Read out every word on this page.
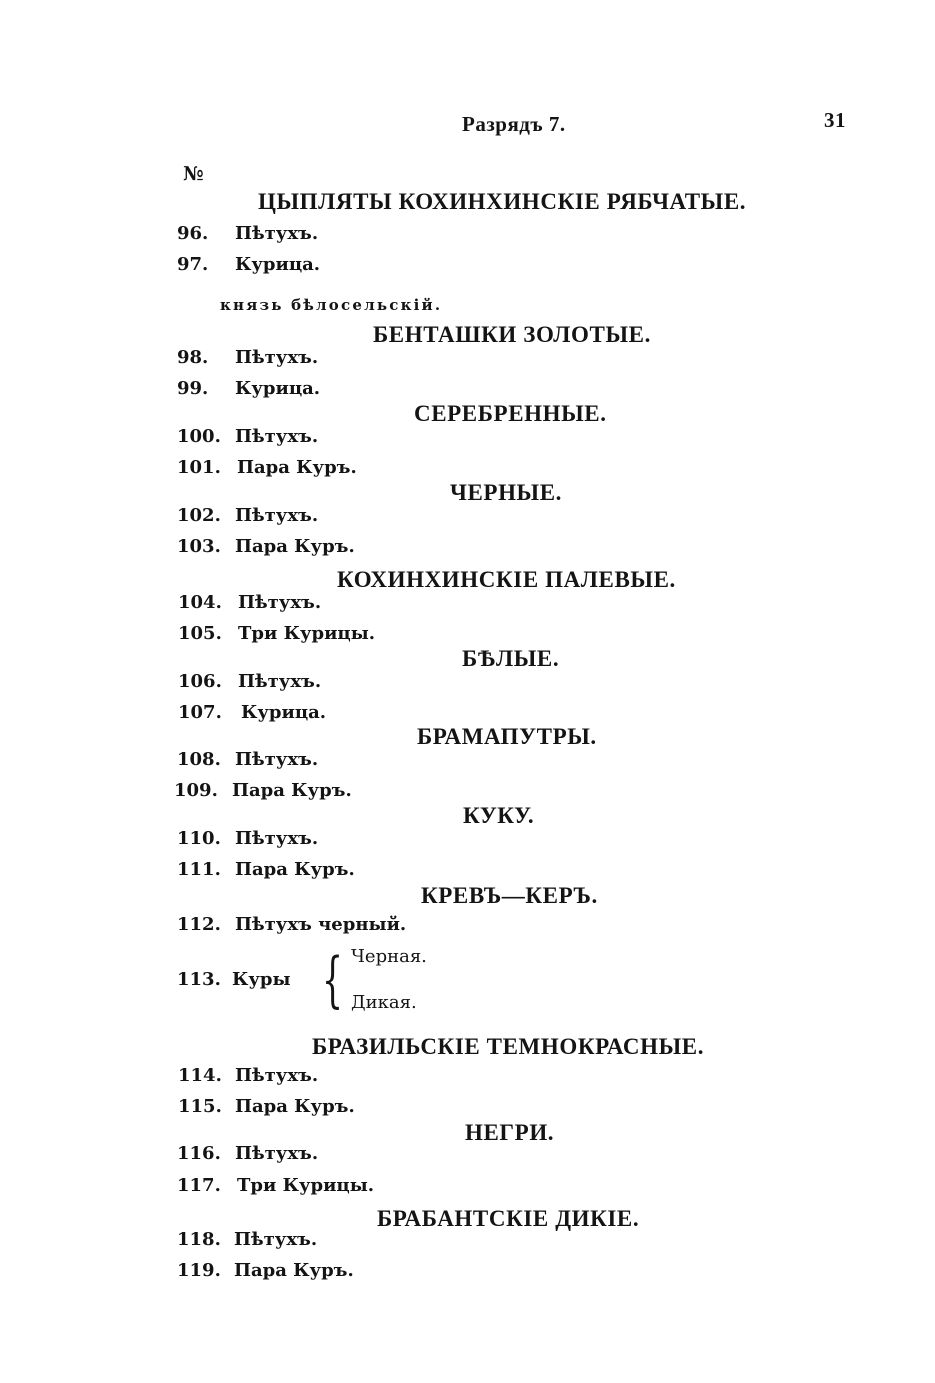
Разрядъ 7.	31
№
ЦЫПЛЯТЫ КОХИНХИНСКІЕ РЯБЧАТЫЕ.
князь бѣлосельскій.
БЕНТАШКИ ЗОЛОТЫЕ.
СЕРЕБРЕННЫЕ.
ЧЕРНЫЕ.
КОХИНХИНСКІЕ ПАЛЕВЫЕ.
БѢЛЫЕ.
БРАМАПУТРЫ.
КУКУ.
КРЕВЪ—КЕРЪ.
БРАЗИЛЬСКІЕ ТЕМНОКРАСНЫЕ.
НЕГРИ.
БРАБАНТСКІЕ ДИКІЕ.
96. Пѣтухъ.
97. Курица.
98. Пѣтухъ.
99. Курица.
100. Пѣтухъ.
101. Пара Куръ.
102. Пѣтухъ.
103. Пара Куръ.
104. Пѣтухъ.
105. Три Курицы.
106. Пѣтухъ.
107. Курица.
108. Пѣтухъ.
109. Пара Куръ.
110. Пѣтухъ.
111. Пара Куръ.
112. Пѣтухъ черный.
113. Куры { Черная.
Дикая.
114. Пѣтухъ.
115. Пара Куръ.
116. Пѣтухъ.
117. Три Курицы.
118. Пѣтухъ.
119. Пара Куръ.
